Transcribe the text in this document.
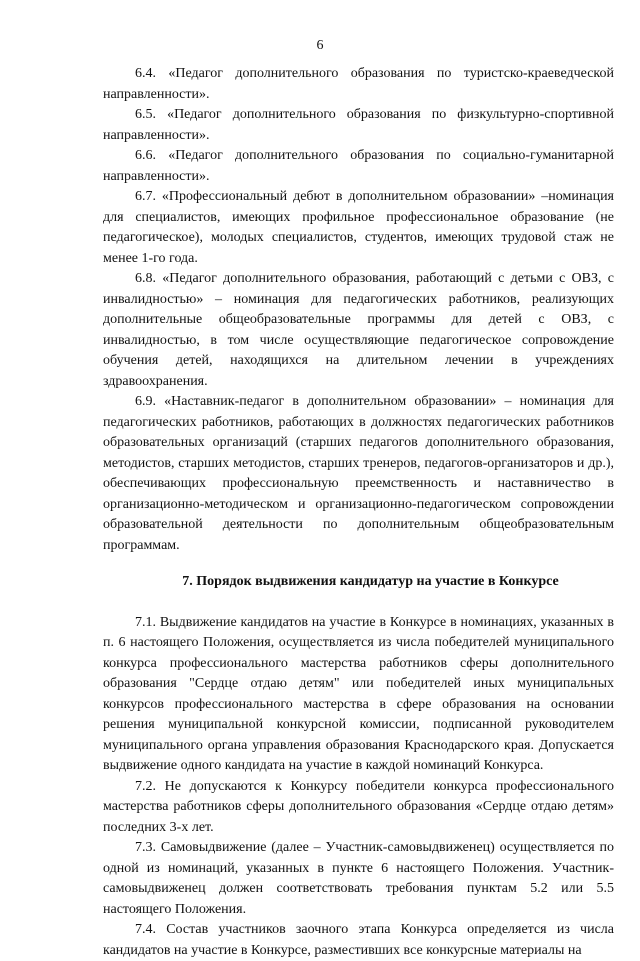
6

6.4. «Педагог дополнительного образования по туристско-краеведческой направленности».

6.5. «Педагог дополнительного образования по физкультурно-спортивной направленности».

6.6. «Педагог дополнительного образования по социально-гуманитарной направленности».

6.7. «Профессиональный дебют в дополнительном образовании» –номинация для специалистов, имеющих профильное профессиональное образование (не педагогическое), молодых специалистов, студентов, имеющих трудовой стаж не менее 1-го года.

6.8. «Педагог дополнительного образования, работающий с детьми с ОВЗ, с инвалидностью» – номинация для педагогических работников, реализующих дополнительные общеобразовательные программы для детей с ОВЗ, с инвалидностью, в том числе осуществляющие педагогическое сопровождение обучения детей, находящихся на длительном лечении в учреждениях здравоохранения.

6.9. «Наставник-педагог в дополнительном образовании» – номинация для педагогических работников, работающих в должностях педагогических работников образовательных организаций (старших педагогов дополнительного образования, методистов, старших методистов, старших тренеров, педагогов-организаторов и др.), обеспечивающих профессиональную преемственность и наставничество в организационно-методическом и организационно-педагогическом сопровождении образовательной деятельности по дополнительным общеобразовательным программам.

7. Порядок выдвижения кандидатур на участие в Конкурсе

7.1. Выдвижение кандидатов на участие в Конкурсе в номинациях, указанных в п. 6 настоящего Положения, осуществляется из числа победителей муниципального конкурса профессионального мастерства работников сферы дополнительного образования "Сердце отдаю детям" или победителей иных муниципальных конкурсов профессионального мастерства в сфере образования на основании решения муниципальной конкурсной комиссии, подписанной руководителем муниципального органа управления образования Краснодарского края. Допускается выдвижение одного кандидата на участие в каждой номинаций Конкурса.

7.2. Не допускаются к Конкурсу победители конкурса профессионального мастерства работников сферы дополнительного образования «Сердце отдаю детям» последних 3-х лет.

7.3. Самовыдвижение (далее – Участник-самовыдвиженец) осуществляется по одной из номинаций, указанных в пункте 6 настоящего Положения. Участник-самовыдвиженец должен соответствовать требования пунктам 5.2 или 5.5 настоящего Положения.

7.4. Состав участников заочного этапа Конкурса определяется из числа кандидатов на участие в Конкурсе, разместивших все конкурсные материалы на
